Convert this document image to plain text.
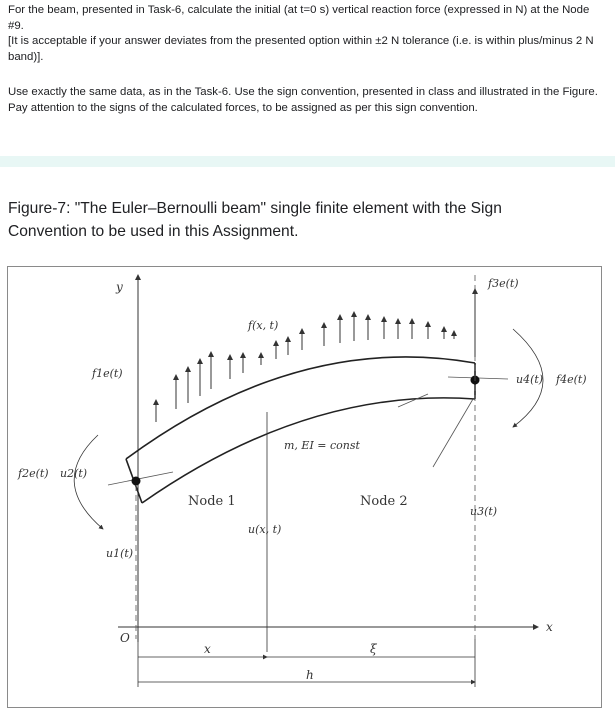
For the beam, presented in Task-6, calculate the initial (at t=0 s) vertical reaction force (expressed in N) at the Node #9.

[It is acceptable if your answer deviates from the presented option within ±2 N tolerance (i.e. is within plus/minus 2 N band)].

Use exactly the same data, as in the Task-6. Use the sign convention, presented in class and illustrated in the Figure. Pay attention to the signs of the calculated forces, to be assigned as per this sign convention.

Figure-7: "The Euler–Bernoulli beam" single finite element with the Sign Convention to be used in this Assignment.
y
x
O
f(x, t)
f1e(t)
f2e(t)
f3e(t)
f4e(t)
u1(t)
u2(t)
u3(t)
u4(t)
m, EI = const
Node 1	Node 2
u(x, t)
x	ξ
h
